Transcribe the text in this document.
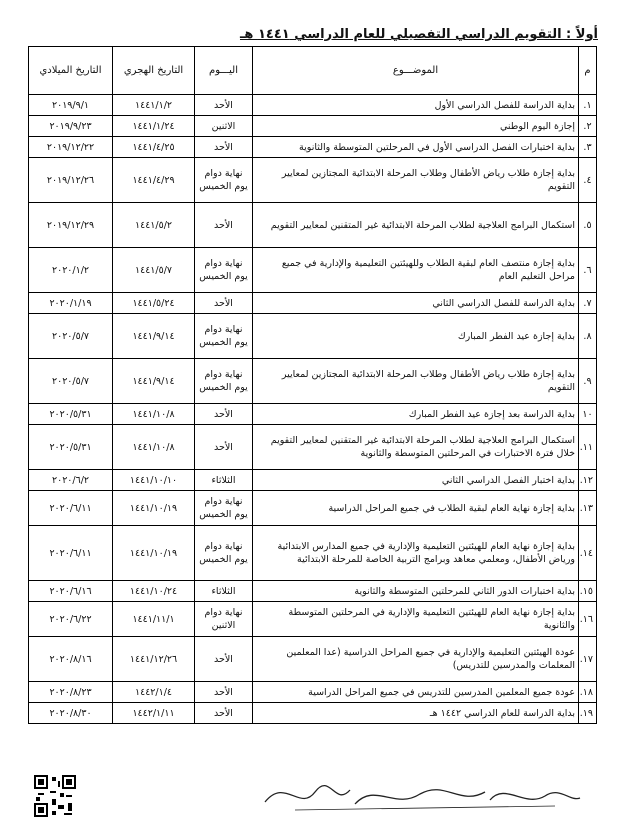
أولاً : التقويم الدراسي التفصيلي للعام الدراسي ١٤٤١ هـ
م	الموضـــوع	اليـــوم	التاريخ الهجري	التاريخ الميلادي
١.	بداية الدراسة للفصل الدراسي الأول	الأحد	١٤٤١/١/٢	٢٠١٩/٩/١
٢.	إجازة اليوم الوطني	الاثنين	١٤٤١/١/٢٤	٢٠١٩/٩/٢٣
٣.	بداية اختبارات الفصل الدراسي الأول في المرحلتين المتوسطة والثانوية	الأحد	١٤٤١/٤/٢٥	٢٠١٩/١٢/٢٢
٤.	بداية إجازة طلاب رياض الأطفال وطلاب المرحلة الابتدائية المجتازين لمعايير التقويم	نهاية دوام يوم الخميس	١٤٤١/٤/٢٩	٢٠١٩/١٢/٢٦
٥.	استكمال البرامج العلاجية لطلاب المرحلة الابتدائية غير المتقنين لمعايير التقويم	الأحد	١٤٤١/٥/٢	٢٠١٩/١٢/٢٩
٦.	بداية إجازة منتصف العام لبقية الطلاب وللهيئتين التعليمية والإدارية في جميع مراحل التعليم العام	نهاية دوام يوم الخميس	١٤٤١/٥/٧	٢٠٢٠/١/٢
٧.	بداية الدراسة للفصل الدراسي الثاني	الأحد	١٤٤١/٥/٢٤	٢٠٢٠/١/١٩
٨.	بداية إجازة عيد الفطر المبارك	نهاية دوام يوم الخميس	١٤٤١/٩/١٤	٢٠٢٠/٥/٧
٩.	بداية إجازة طلاب رياض الأطفال وطلاب المرحلة الابتدائية المجتازين لمعايير التقويم	نهاية دوام يوم الخميس	١٤٤١/٩/١٤	٢٠٢٠/٥/٧
١٠	بداية الدراسة بعد إجازة عيد الفطر المبارك	الأحد	١٤٤١/١٠/٨	٢٠٢٠/٥/٣١
١١.	استكمال البرامج العلاجية لطلاب المرحلة الابتدائية غير المتقنين لمعايير التقويم خلال فترة الاختبارات في المرحلتين المتوسطة والثانوية	الأحد	١٤٤١/١٠/٨	٢٠٢٠/٥/٣١
١٢.	بداية اختبار الفصل الدراسي الثاني	الثلاثاء	١٤٤١/١٠/١٠	٢٠٢٠/٦/٢
١٣.	بداية إجازة نهاية العام لبقية الطلاب في جميع المراحل الدراسية	نهاية دوام يوم الخميس	١٤٤١/١٠/١٩	٢٠٢٠/٦/١١
١٤.	بداية إجازة نهاية العام للهيئتين التعليمية والإدارية في جميع المدارس الابتدائية ورياض الأطفال، ومعلمي معاهد وبرامج التربية الخاصة للمرحلة الابتدائية	نهاية دوام يوم الخميس	١٤٤١/١٠/١٩	٢٠٢٠/٦/١١
١٥.	بداية اختبارات الدور الثاني للمرحلتين المتوسطة والثانوية	الثلاثاء	١٤٤١/١٠/٢٤	٢٠٢٠/٦/١٦
١٦.	بداية إجازة نهاية العام للهيئتين التعليمية والإدارية في المرحلتين المتوسطة والثانوية	نهاية دوام الاثنين	١٤٤١/١١/١	٢٠٢٠/٦/٢٢
١٧.	عودة الهيئتين التعليمية والإدارية في جميع المراحل الدراسية (عدا المعلمين المعلمات والمدرسين للتدريس)	الأحد	١٤٤١/١٢/٢٦	٢٠٢٠/٨/١٦
١٨.	عودة جميع المعلمين المدرسين للتدريس في جميع المراحل الدراسية	الأحد	١٤٤٢/١/٤	٢٠٢٠/٨/٢٣
١٩.	بداية الدراسة للعام الدراسي ١٤٤٢ هـ	الأحد	١٤٤٢/١/١١	٢٠٢٠/٨/٣٠
